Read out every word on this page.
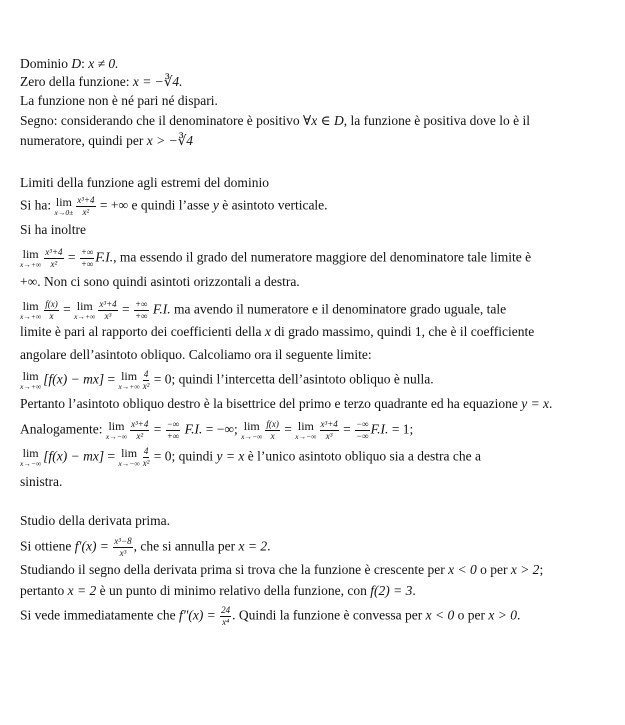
Dominio D: x ≠ 0.
Zero della funzione: x = −∛4.
La funzione non è né pari né dispari.
Segno: considerando che il denominatore è positivo ∀x ∈ D, la funzione è positiva dove lo è il
numeratore, quindi per x > −∛4
Limiti della funzione agli estremi del dominio
Si ha: lim
$x\to 0\pm \frac{\text{x³+4}}{\text{x²}}$ = +∞ e quindi l’asse y è asintoto verticale.
Si ha inoltre
lim
$x\to+\infty \frac{\text{x³+4}}{\text{x²}} = \frac{+\infty}{+\infty} F.I$., ma essendo il grado del numeratore maggiore del denominatore tale limite è
+∞. Non ci sono quindi asintoti orizzontali a destra.
lim
$x\to+\infty \frac{f(x)}{x} = \lim$
$x\to+\infty \frac{\text{x³+4}}{\text{x³}} = \frac{+\infty}{+\infty} F.I$. ma avendo il numeratore e il denominatore grado uguale, tale
limite è pari al rapporto dei coefficienti della x di grado massimo, quindi 1, che è il coefficiente
angolare dell’asintoto obliquo. Calcoliamo ora il seguente limite:
lim
x→+∞
[f(x) − mx] = lim
$x\to+\infty \frac{4}{\text{x²}} = 0$; quindi l’intercetta dell’asintoto obliquo è nulla.
Pertanto l’asintoto obliquo destro è la bisettrice del primo e terzo quadrante ed ha equazione y = x.
Analogamente: lim
$x\to-\infty \frac{\text{x³+4}}{\text{x²}} = \frac{-\infty}{+\infty} F.I$. = −∞; lim
$x\to-\infty \frac{f(x)}{x} = \lim$
$x\to-\infty \frac{\text{x³+4}}{\text{x³}} = \frac{-\infty}{-\infty} F.I$. = 1;
lim
x→−∞
[f(x) − mx] = lim
$x\to-\infty \frac{4}{\text{x²}} = 0$; quindi y = x è l’unico asintoto obliquo sia a destra che a
sinistra.
Studio della derivata prima.
Si ottiene $f'(x) = \frac{\text{x³−8}}{\text{x³}}$ , che si annulla per x = 2.
Studiando il segno della derivata prima si trova che la funzione è crescente per x < 0 o per x > 2;
pertanto x = 2 è un punto di minimo relativo della funzione, con f(2) = 3.
Si vede immediatamente che $f''(x) = \frac{24}{\text{x⁴}}$ . Quindi la funzione è convessa per x < 0 o per x > 0.
